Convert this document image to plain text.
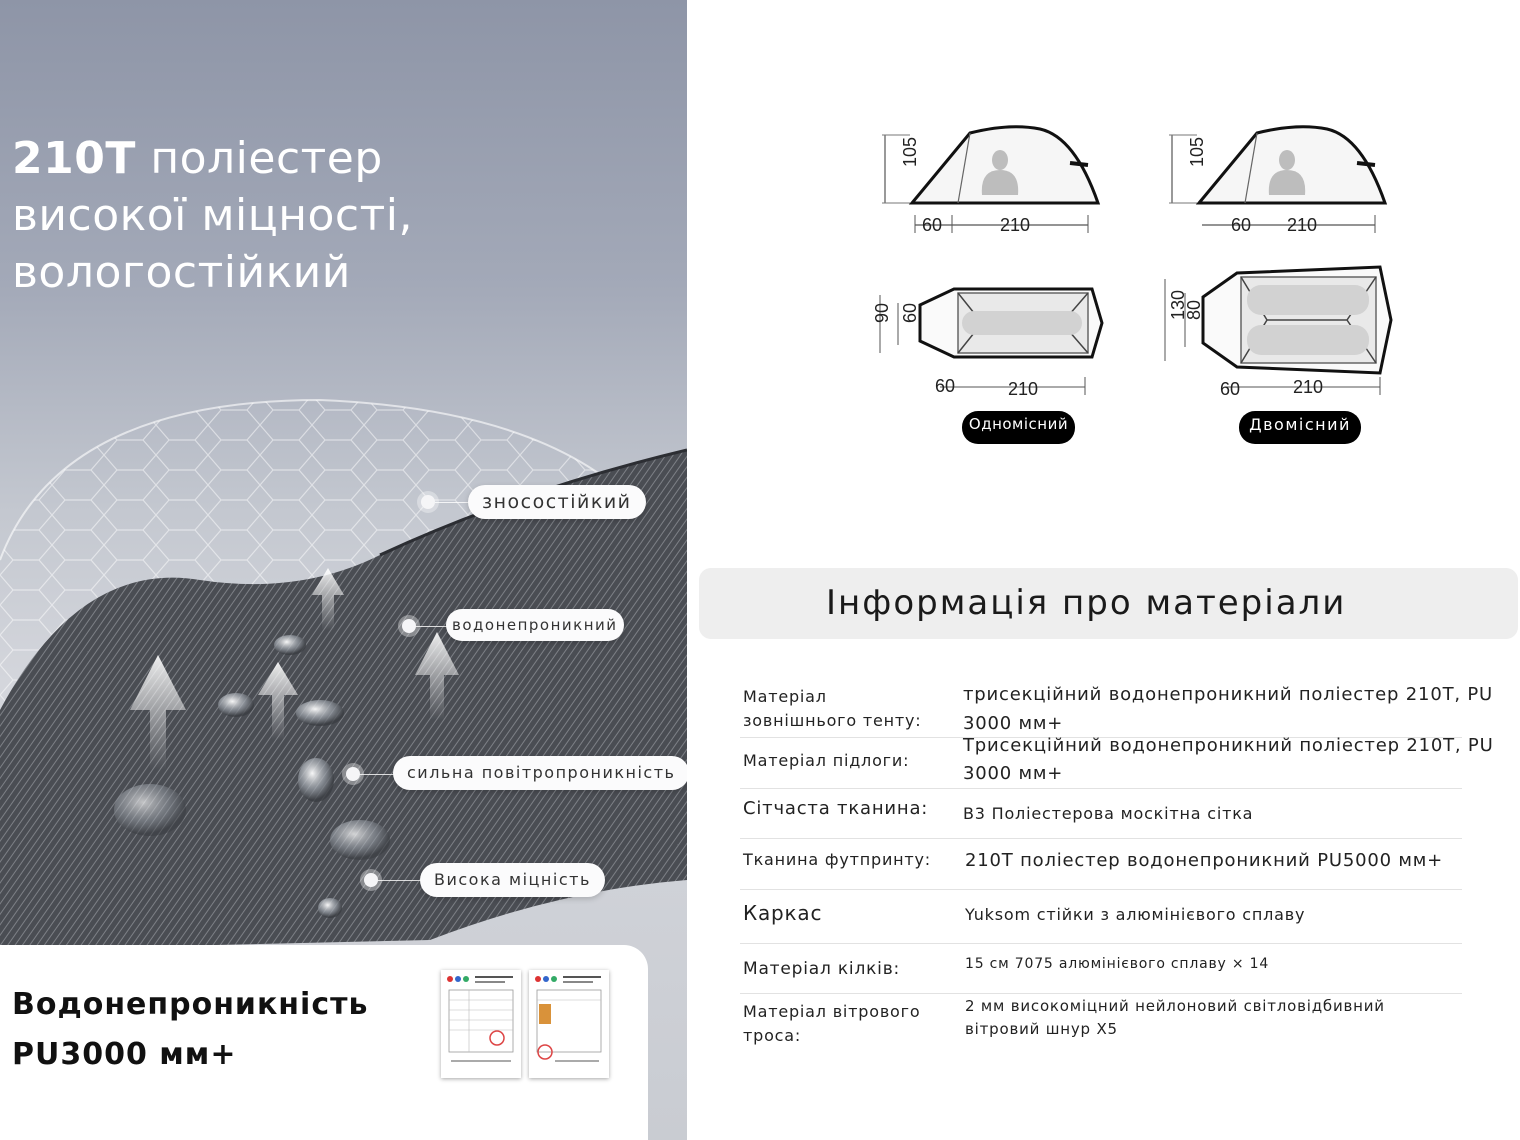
210T поліестер
високої міцності,
вологостійкий
зносостійкий
водонепроникний
сильна повітропроникність
Висока міцність
Водонепроникність
PU3000 мм+
105
60	210
105
60 210
90 60
60	210
130
80
60	210
Одномісний	Двомісний
Інформація про матеріали
Матеріал зовнішнього тенту:
трисекційний водонепроникний поліестер 210T, PU 3000 мм+
Матеріал підлоги:
Трисекційний водонепроникний поліестер 210T, PU 3000 мм+
Сітчаста тканина: B3 Поліестерова москітна сітка
Тканина футпринту: 210T поліестер водонепроникний PU5000 мм+
Каркас	Yuksom стійки з алюмінієвого сплаву
Матеріал кілків:	15 см 7075 алюмінієвого сплаву × 14
Матеріал вітрового троса:
2 мм високоміцний нейлоновий світловідбивний вітровий шнур X5
